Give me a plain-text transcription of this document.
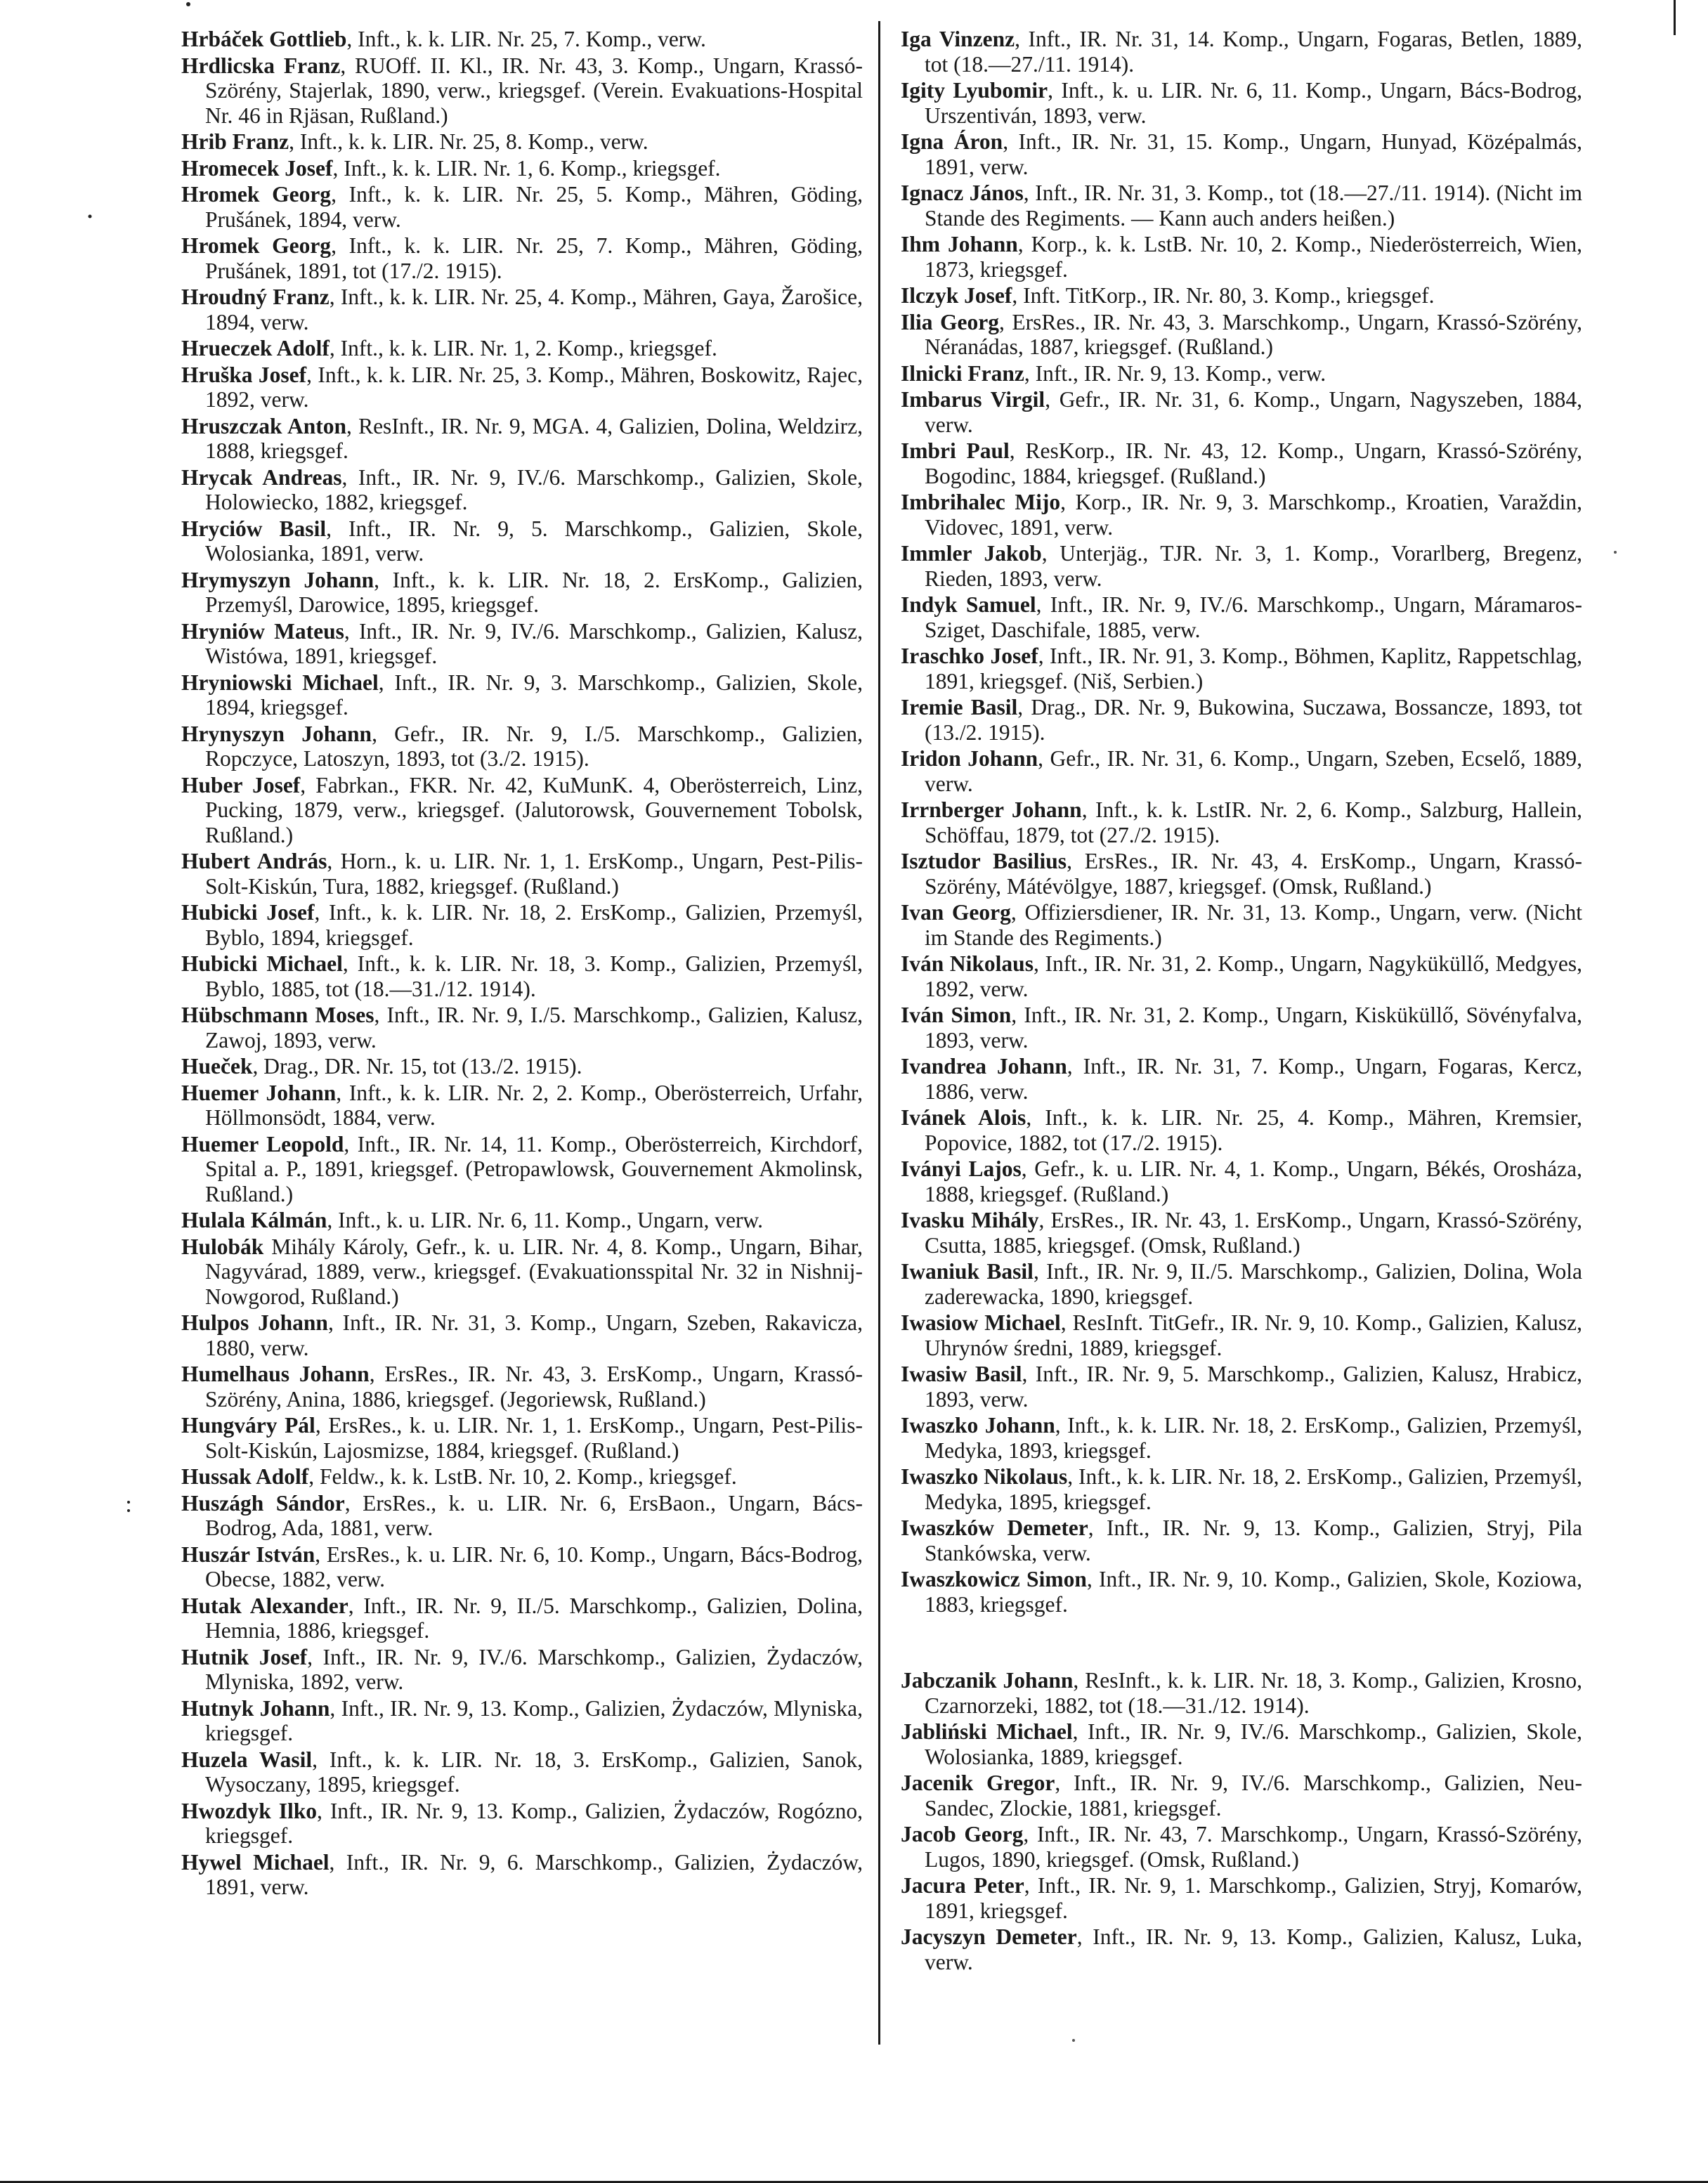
Hrbáček Gottlieb, Inft., k. k. LIR. Nr. 25, 7. Komp., verw.

Hrdlicska Franz, RUOff. II. Kl., IR. Nr. 43, 3. Komp., Ungarn, Krassó-Szörény, Stajerlak, 1890, verw., kriegsgef. (Verein. Evakuations-Hospital Nr. 46 in Rjäsan, Rußland.)

Hrib Franz, Inft., k. k. LIR. Nr. 25, 8. Komp., verw.

Hromecek Josef, Inft., k. k. LIR. Nr. 1, 6. Komp., kriegsgef.

Hromek Georg, Inft., k. k. LIR. Nr. 25, 5. Komp., Mähren, Göding, Prušánek, 1894, verw.

Hromek Georg, Inft., k. k. LIR. Nr. 25, 7. Komp., Mähren, Göding, Prušánek, 1891, tot (17./2. 1915).

Hroudný Franz, Inft., k. k. LIR. Nr. 25, 4. Komp., Mähren, Gaya, Žarošice, 1894, verw.

Hrueczek Adolf, Inft., k. k. LIR. Nr. 1, 2. Komp., kriegsgef.

Hruška Josef, Inft., k. k. LIR. Nr. 25, 3. Komp., Mähren, Boskowitz, Rajec, 1892, verw.

Hruszczak Anton, ResInft., IR. Nr. 9, MGA. 4, Galizien, Dolina, Weldzirz, 1888, kriegsgef.

Hrycak Andreas, Inft., IR. Nr. 9, IV./6. Marschkomp., Galizien, Skole, Holowiecko, 1882, kriegsgef.

Hryciów Basil, Inft., IR. Nr. 9, 5. Marschkomp., Galizien, Skole, Wolosianka, 1891, verw.

Hrymyszyn Johann, Inft., k. k. LIR. Nr. 18, 2. ErsKomp., Galizien, Przemyśl, Darowice, 1895, kriegsgef.

Hryniów Mateus, Inft., IR. Nr. 9, IV./6. Marschkomp., Galizien, Kalusz, Wistówa, 1891, kriegsgef.

Hryniowski Michael, Inft., IR. Nr. 9, 3. Marschkomp., Galizien, Skole, 1894, kriegsgef.

Hrynyszyn Johann, Gefr., IR. Nr. 9, I./5. Marschkomp., Galizien, Ropczyce, Latoszyn, 1893, tot (3./2. 1915).

Huber Josef, Fabrkan., FKR. Nr. 42, KuMunK. 4, Oberösterreich, Linz, Pucking, 1879, verw., kriegsgef. (Jalutorowsk, Gouvernement Tobolsk, Rußland.)

Hubert András, Horn., k. u. LIR. Nr. 1, 1. ErsKomp., Ungarn, Pest-Pilis-Solt-Kiskún, Tura, 1882, kriegsgef. (Rußland.)

Hubicki Josef, Inft., k. k. LIR. Nr. 18, 2. ErsKomp., Galizien, Przemyśl, Byblo, 1894, kriegsgef.

Hubicki Michael, Inft., k. k. LIR. Nr. 18, 3. Komp., Galizien, Przemyśl, Byblo, 1885, tot (18.—31./12. 1914).

Hübschmann Moses, Inft., IR. Nr. 9, I./5. Marschkomp., Galizien, Kalusz, Zawoj, 1893, verw.

Hueček, Drag., DR. Nr. 15, tot (13./2. 1915).

Huemer Johann, Inft., k. k. LIR. Nr. 2, 2. Komp., Oberösterreich, Urfahr, Höllmonsödt, 1884, verw.

Huemer Leopold, Inft., IR. Nr. 14, 11. Komp., Oberösterreich, Kirchdorf, Spital a. P., 1891, kriegsgef. (Petropawlowsk, Gouvernement Akmolinsk, Rußland.)

Hulala Kálmán, Inft., k. u. LIR. Nr. 6, 11. Komp., Ungarn, verw.

Hulobák Mihály Károly, Gefr., k. u. LIR. Nr. 4, 8. Komp., Ungarn, Bihar, Nagyvárad, 1889, verw., kriegsgef. (Evakuationsspital Nr. 32 in Nishnij-Nowgorod, Rußland.)

Hulpos Johann, Inft., IR. Nr. 31, 3. Komp., Ungarn, Szeben, Rakavicza, 1880, verw.

Humelhaus Johann, ErsRes., IR. Nr. 43, 3. ErsKomp., Ungarn, Krassó-Szörény, Anina, 1886, kriegsgef. (Jegoriewsk, Rußland.)

Hungváry Pál, ErsRes., k. u. LIR. Nr. 1, 1. ErsKomp., Ungarn, Pest-Pilis-Solt-Kiskún, Lajosmizse, 1884, kriegsgef. (Rußland.)

Hussak Adolf, Feldw., k. k. LstB. Nr. 10, 2. Komp., kriegsgef.

Huszágh Sándor, ErsRes., k. u. LIR. Nr. 6, ErsBaon., Ungarn, Bács-Bodrog, Ada, 1881, verw.

Huszár István, ErsRes., k. u. LIR. Nr. 6, 10. Komp., Ungarn, Bács-Bodrog, Obecse, 1882, verw.

Hutak Alexander, Inft., IR. Nr. 9, II./5. Marschkomp., Galizien, Dolina, Hemnia, 1886, kriegsgef.

Hutnik Josef, Inft., IR. Nr. 9, IV./6. Marschkomp., Galizien, Żydaczów, Mlyniska, 1892, verw.

Hutnyk Johann, Inft., IR. Nr. 9, 13. Komp., Galizien, Żydaczów, Mlyniska, kriegsgef.

Huzela Wasil, Inft., k. k. LIR. Nr. 18, 3. ErsKomp., Galizien, Sanok, Wysoczany, 1895, kriegsgef.

Hwozdyk Ilko, Inft., IR. Nr. 9, 13. Komp., Galizien, Żydaczów, Rogózno, kriegsgef.

Hywel Michael, Inft., IR. Nr. 9, 6. Marschkomp., Galizien, Żydaczów, 1891, verw.

Iga Vinzenz, Inft., IR. Nr. 31, 14. Komp., Ungarn, Fogaras, Betlen, 1889, tot (18.—27./11. 1914).

Igity Lyubomir, Inft., k. u. LIR. Nr. 6, 11. Komp., Ungarn, Bács-Bodrog, Urszentiván, 1893, verw.

Igna Áron, Inft., IR. Nr. 31, 15. Komp., Ungarn, Hunyad, Középalmás, 1891, verw.

Ignacz János, Inft., IR. Nr. 31, 3. Komp., tot (18.—27./11. 1914). (Nicht im Stande des Regiments. — Kann auch anders heißen.)

Ihm Johann, Korp., k. k. LstB. Nr. 10, 2. Komp., Niederösterreich, Wien, 1873, kriegsgef.

Ilczyk Josef, Inft. TitKorp., IR. Nr. 80, 3. Komp., kriegsgef.

Ilia Georg, ErsRes., IR. Nr. 43, 3. Marschkomp., Ungarn, Krassó-Szörény, Néranádas, 1887, kriegsgef. (Rußland.)

Ilnicki Franz, Inft., IR. Nr. 9, 13. Komp., verw.

Imbarus Virgil, Gefr., IR. Nr. 31, 6. Komp., Ungarn, Nagyszeben, 1884, verw.

Imbri Paul, ResKorp., IR. Nr. 43, 12. Komp., Ungarn, Krassó-Szörény, Bogodinc, 1884, kriegsgef. (Rußland.)

Imbrihalec Mijo, Korp., IR. Nr. 9, 3. Marschkomp., Kroatien, Varaždin, Vidovec, 1891, verw.

Immler Jakob, Unterjäg., TJR. Nr. 3, 1. Komp., Vorarlberg, Bregenz, Rieden, 1893, verw.

Indyk Samuel, Inft., IR. Nr. 9, IV./6. Marschkomp., Ungarn, Máramaros-Sziget, Daschifale, 1885, verw.

Iraschko Josef, Inft., IR. Nr. 91, 3. Komp., Böhmen, Kaplitz, Rappetschlag, 1891, kriegsgef. (Niš, Serbien.)

Iremie Basil, Drag., DR. Nr. 9, Bukowina, Suczawa, Bossancze, 1893, tot (13./2. 1915).

Iridon Johann, Gefr., IR. Nr. 31, 6. Komp., Ungarn, Szeben, Ecselő, 1889, verw.

Irrnberger Johann, Inft., k. k. LstIR. Nr. 2, 6. Komp., Salzburg, Hallein, Schöffau, 1879, tot (27./2. 1915).

Isztudor Basilius, ErsRes., IR. Nr. 43, 4. ErsKomp., Ungarn, Krassó-Szörény, Mátévölgye, 1887, kriegsgef. (Omsk, Rußland.)

Ivan Georg, Offiziersdiener, IR. Nr. 31, 13. Komp., Ungarn, verw. (Nicht im Stande des Regiments.)

Iván Nikolaus, Inft., IR. Nr. 31, 2. Komp., Ungarn, Nagyküküllő, Medgyes, 1892, verw.

Iván Simon, Inft., IR. Nr. 31, 2. Komp., Ungarn, Kisküküllő, Sövényfalva, 1893, verw.

Ivandrea Johann, Inft., IR. Nr. 31, 7. Komp., Ungarn, Fogaras, Kercz, 1886, verw.

Ivánek Alois, Inft., k. k. LIR. Nr. 25, 4. Komp., Mähren, Kremsier, Popovice, 1882, tot (17./2. 1915).

Iványi Lajos, Gefr., k. u. LIR. Nr. 4, 1. Komp., Ungarn, Békés, Orosháza, 1888, kriegsgef. (Rußland.)

Ivasku Mihály, ErsRes., IR. Nr. 43, 1. ErsKomp., Ungarn, Krassó-Szörény, Csutta, 1885, kriegsgef. (Omsk, Rußland.)

Iwaniuk Basil, Inft., IR. Nr. 9, II./5. Marschkomp., Galizien, Dolina, Wola zaderewacka, 1890, kriegsgef.

Iwasiow Michael, ResInft. TitGefr., IR. Nr. 9, 10. Komp., Galizien, Kalusz, Uhrynów średni, 1889, kriegsgef.

Iwasiw Basil, Inft., IR. Nr. 9, 5. Marschkomp., Galizien, Kalusz, Hrabicz, 1893, verw.

Iwaszko Johann, Inft., k. k. LIR. Nr. 18, 2. ErsKomp., Galizien, Przemyśl, Medyka, 1893, kriegsgef.

Iwaszko Nikolaus, Inft., k. k. LIR. Nr. 18, 2. ErsKomp., Galizien, Przemyśl, Medyka, 1895, kriegsgef.

Iwaszków Demeter, Inft., IR. Nr. 9, 13. Komp., Galizien, Stryj, Pila Stankówska, verw.

Iwaszkowicz Simon, Inft., IR. Nr. 9, 10. Komp., Galizien, Skole, Koziowa, 1883, kriegsgef.

Jabczanik Johann, ResInft., k. k. LIR. Nr. 18, 3. Komp., Galizien, Krosno, Czarnorzeki, 1882, tot (18.—31./12. 1914).

Jabliński Michael, Inft., IR. Nr. 9, IV./6. Marschkomp., Galizien, Skole, Wolosianka, 1889, kriegsgef.

Jacenik Gregor, Inft., IR. Nr. 9, IV./6. Marschkomp., Galizien, Neu-Sandec, Zlockie, 1881, kriegsgef.

Jacob Georg, Inft., IR. Nr. 43, 7. Marschkomp., Ungarn, Krassó-Szörény, Lugos, 1890, kriegsgef. (Omsk, Rußland.)

Jacura Peter, Inft., IR. Nr. 9, 1. Marschkomp., Galizien, Stryj, Komarów, 1891, kriegsgef.

Jacyszyn Demeter, Inft., IR. Nr. 9, 13. Komp., Galizien, Kalusz, Luka, verw.
